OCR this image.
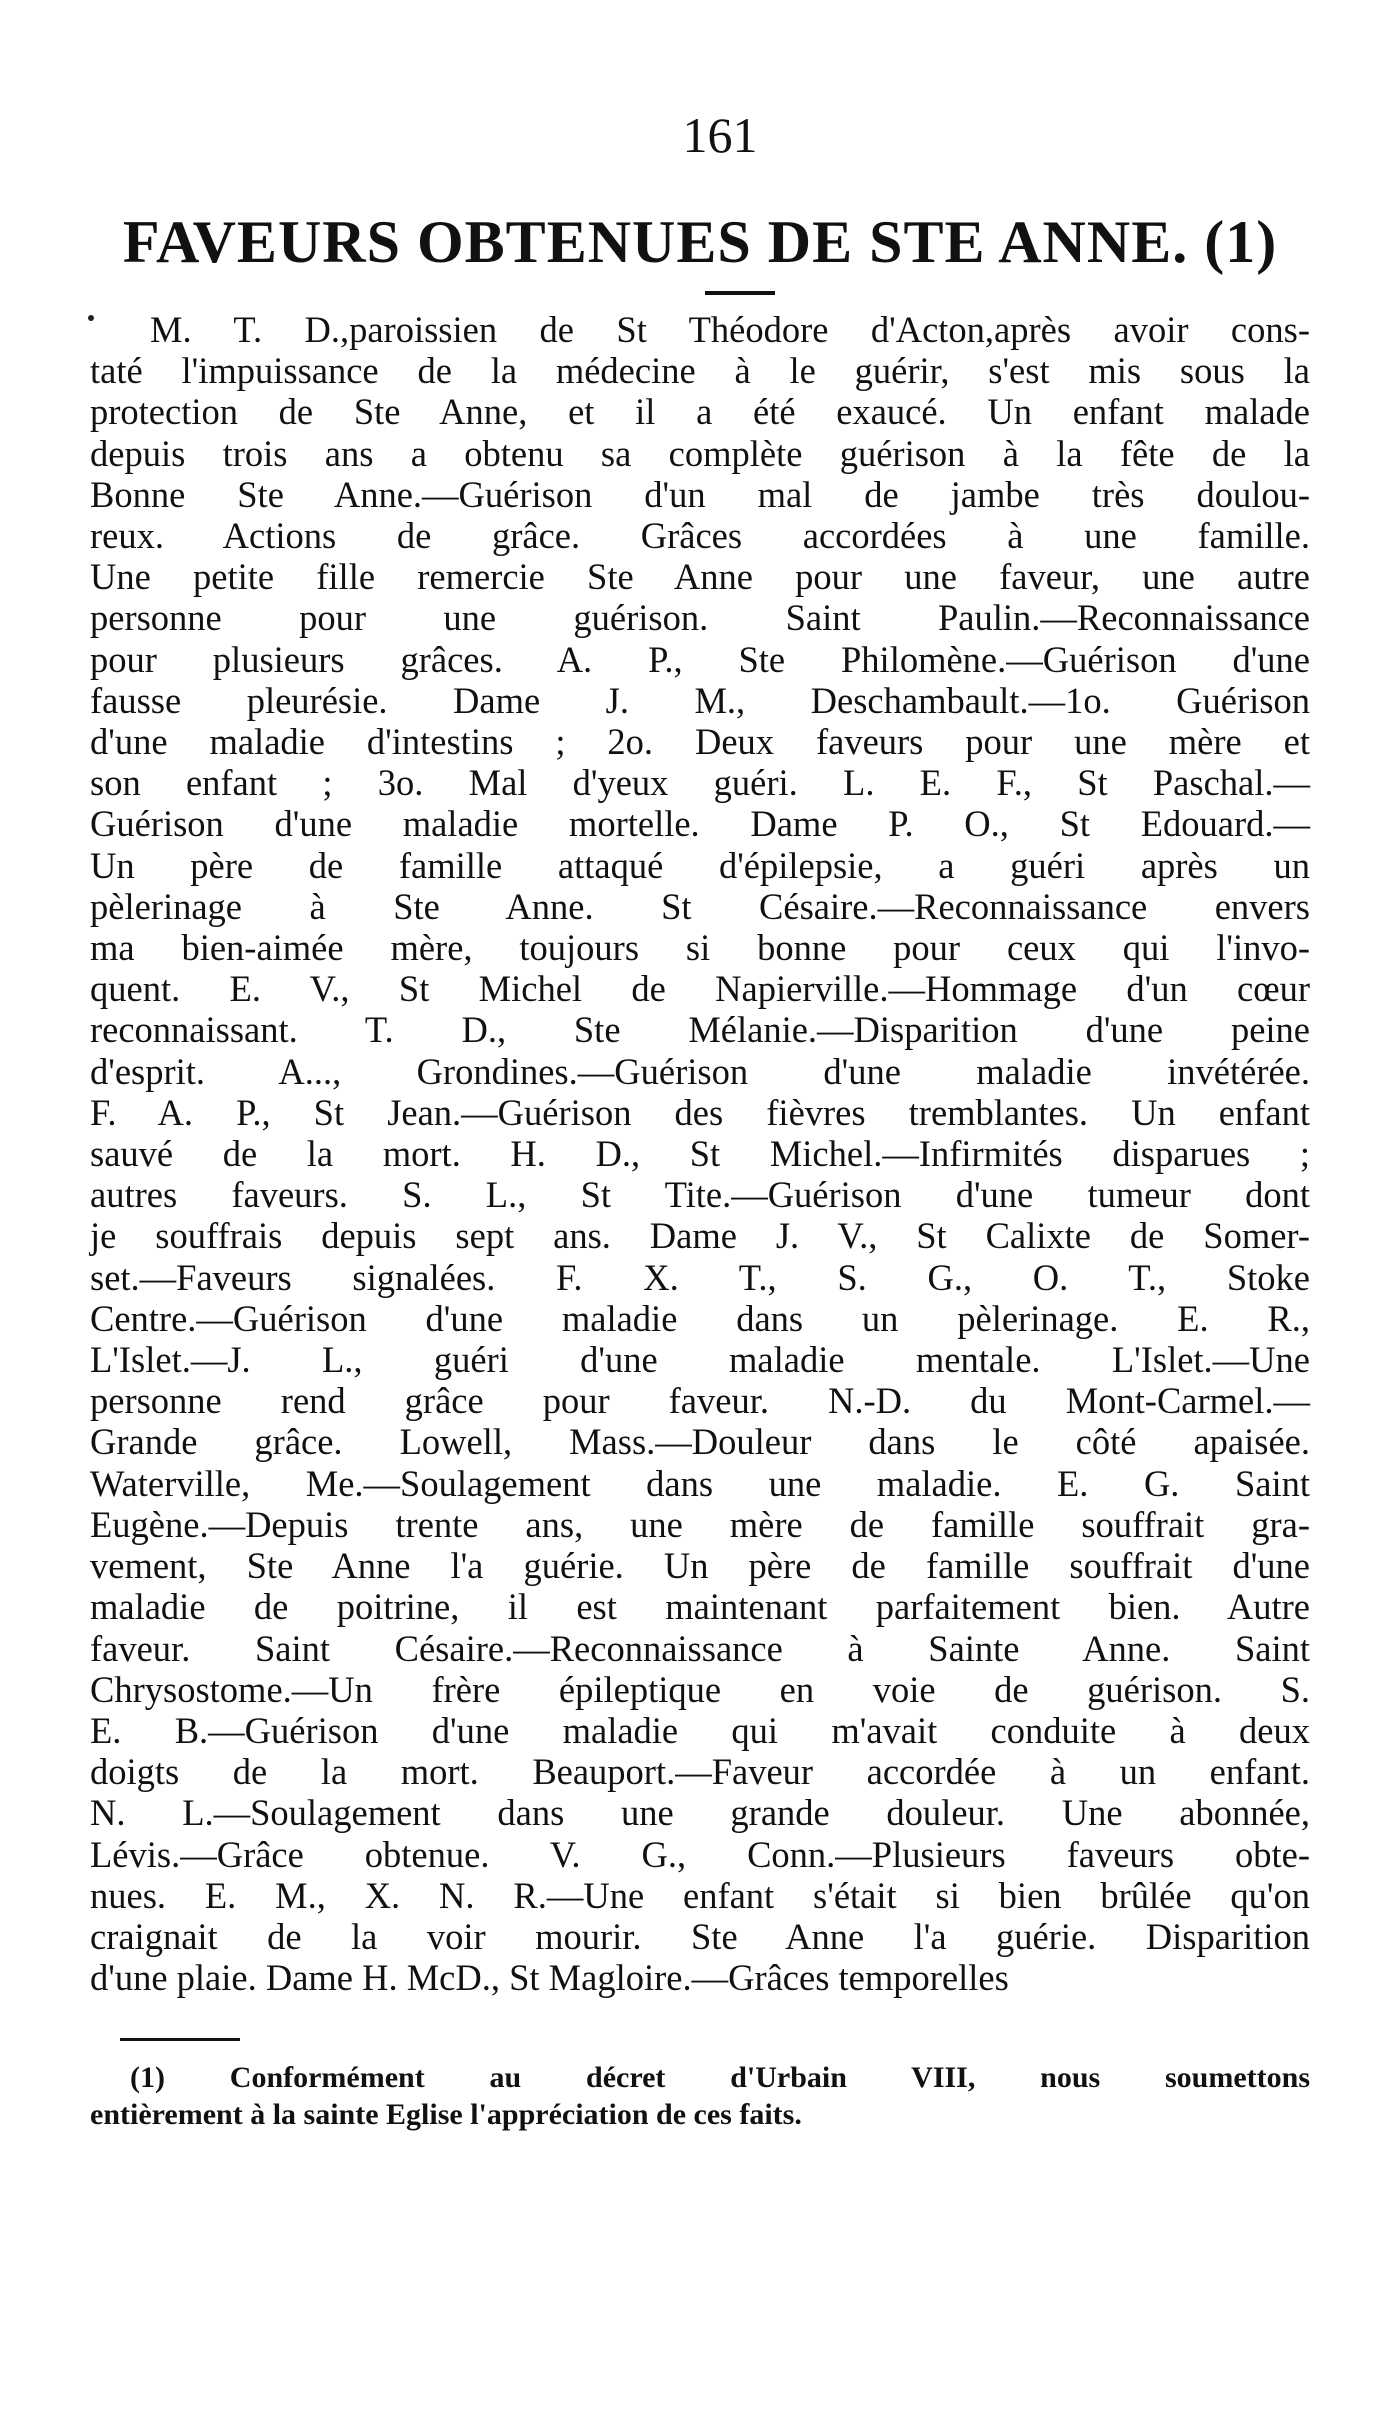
161
FAVEURS OBTENUES DE STE ANNE. (1)
M. T. D.,paroissien de St Théodore d'Acton,après avoir cons-
taté l'impuissance de la médecine à le guérir, s'est mis sous la
protection de Ste Anne, et il a été exaucé. Un enfant malade
depuis trois ans a obtenu sa complète guérison à la fête de la
Bonne Ste Anne.—Guérison d'un mal de jambe très doulou-
reux. Actions de grâce. Grâces accordées à une famille.
Une petite fille remercie Ste Anne pour une faveur, une autre
personne pour une guérison. Saint Paulin.—Reconnaissance
pour plusieurs grâces. A. P., Ste Philomène.—Guérison d'une
fausse pleurésie. Dame J. M., Deschambault.—1o. Guérison
d'une maladie d'intestins ; 2o. Deux faveurs pour une mère et
son enfant ; 3o. Mal d'yeux guéri. L. E. F., St Paschal.—
Guérison d'une maladie mortelle. Dame P. O., St Edouard.—
Un père de famille attaqué d'épilepsie, a guéri après un
pèlerinage à Ste Anne. St Césaire.—Reconnaissance envers
ma bien-aimée mère, toujours si bonne pour ceux qui l'invo-
quent. E. V., St Michel de Napierville.—Hommage d'un cœur
reconnaissant. T. D., Ste Mélanie.—Disparition d'une peine
d'esprit. A..., Grondines.—Guérison d'une maladie invétérée.
F. A. P., St Jean.—Guérison des fièvres tremblantes. Un enfant
sauvé de la mort. H. D., St Michel.—Infirmités disparues ;
autres faveurs. S. L., St Tite.—Guérison d'une tumeur dont
je souffrais depuis sept ans. Dame J. V., St Calixte de Somer-
set.—Faveurs signalées. F. X. T., S. G., O. T., Stoke
Centre.—Guérison d'une maladie dans un pèlerinage. E. R.,
L'Islet.—J. L., guéri d'une maladie mentale. L'Islet.—Une
personne rend grâce pour faveur. N.-D. du Mont-Carmel.—
Grande grâce. Lowell, Mass.—Douleur dans le côté apaisée.
Waterville, Me.—Soulagement dans une maladie. E. G. Saint
Eugène.—Depuis trente ans, une mère de famille souffrait gra-
vement, Ste Anne l'a guérie. Un père de famille souffrait d'une
maladie de poitrine, il est maintenant parfaitement bien. Autre
faveur. Saint Césaire.—Reconnaissance à Sainte Anne. Saint
Chrysostome.—Un frère épileptique en voie de guérison. S.
E. B.—Guérison d'une maladie qui m'avait conduite à deux
doigts de la mort. Beauport.—Faveur accordée à un enfant.
N. L.—Soulagement dans une grande douleur. Une abonnée,
Lévis.—Grâce obtenue. V. G., Conn.—Plusieurs faveurs obte-
nues. E. M., X. N. R.—Une enfant s'était si bien brûlée qu'on
craignait de la voir mourir. Ste Anne l'a guérie. Disparition
d'une plaie. Dame H. McD., St Magloire.—Grâces temporelles
(1) Conformément au décret d'Urbain VIII, nous soumettons
entièrement à la sainte Eglise l'appréciation de ces faits.
